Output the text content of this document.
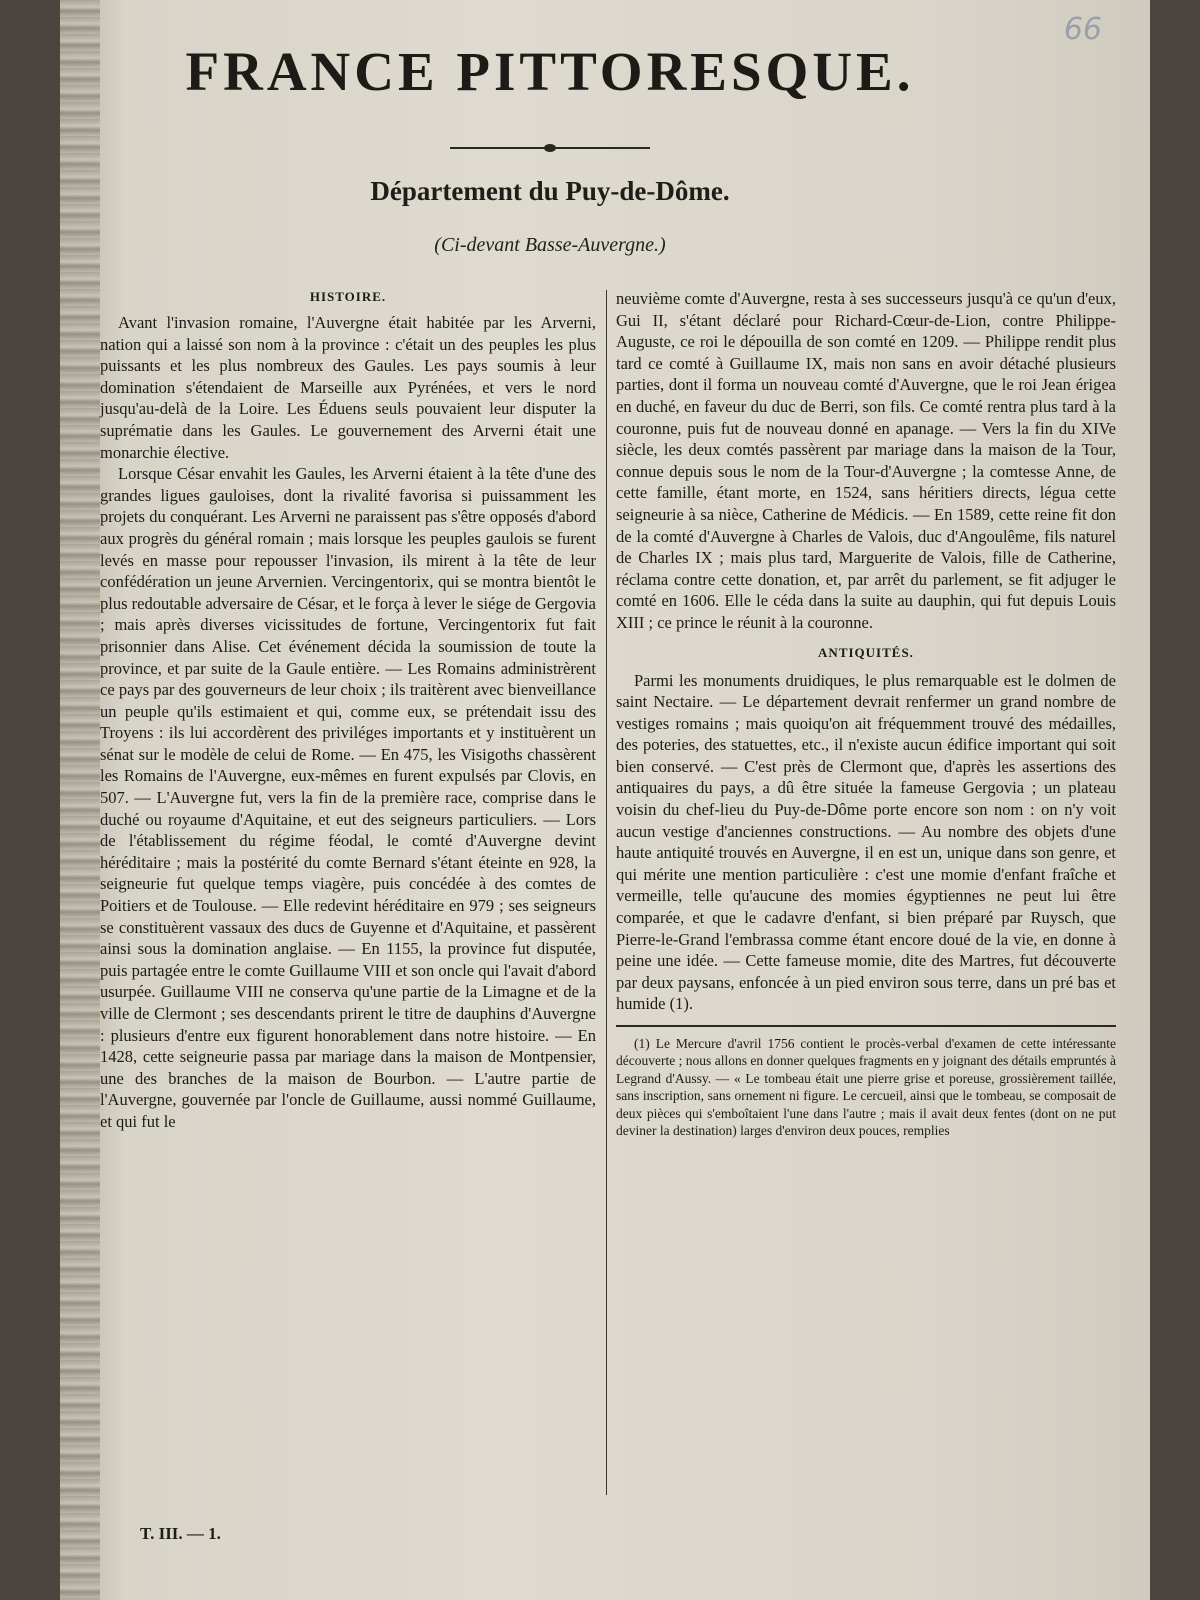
66
FRANCE PITTORESQUE.
Département du Puy-de-Dôme.
(Ci-devant Basse-Auvergne.)
HISTOIRE.

Avant l'invasion romaine, l'Auvergne était habitée par les Arverni, nation qui a laissé son nom à la province : c'était un des peuples les plus puissants et les plus nombreux des Gaules. Les pays soumis à leur domination s'étendaient de Marseille aux Pyrénées, et vers le nord jusqu'au-delà de la Loire. Les Éduens seuls pouvaient leur disputer la suprématie dans les Gaules. Le gouvernement des Arverni était une monarchie élective.

Lorsque César envahit les Gaules, les Arverni étaient à la tête d'une des grandes ligues gauloises, dont la rivalité favorisa si puissamment les projets du conquérant. Les Arverni ne paraissent pas s'être opposés d'abord aux progrès du général romain ; mais lorsque les peuples gaulois se furent levés en masse pour repousser l'invasion, ils mirent à la tête de leur confédération un jeune Arvernien. Vercingentorix, qui se montra bientôt le plus redoutable adversaire de César, et le força à lever le siége de Gergovia ; mais après diverses vicissitudes de fortune, Vercingentorix fut fait prisonnier dans Alise. Cet événement décida la soumission de toute la province, et par suite de la Gaule entière. — Les Romains administrèrent ce pays par des gouverneurs de leur choix ; ils traitèrent avec bienveillance un peuple qu'ils estimaient et qui, comme eux, se prétendait issu des Troyens : ils lui accordèrent des priviléges importants et y instituèrent un sénat sur le modèle de celui de Rome. — En 475, les Visigoths chassèrent les Romains de l'Auvergne, eux-mêmes en furent expulsés par Clovis, en 507. — L'Auvergne fut, vers la fin de la première race, comprise dans le duché ou royaume d'Aquitaine, et eut des seigneurs particuliers. — Lors de l'établissement du régime féodal, le comté d'Auvergne devint héréditaire ; mais la postérité du comte Bernard s'étant éteinte en 928, la seigneurie fut quelque temps viagère, puis concédée à des comtes de Poitiers et de Toulouse. — Elle redevint héréditaire en 979 ; ses seigneurs se constituèrent vassaux des ducs de Guyenne et d'Aquitaine, et passèrent ainsi sous la domination anglaise. — En 1155, la province fut disputée, puis partagée entre le comte Guillaume VIII et son oncle qui l'avait d'abord usurpée. Guillaume VIII ne conserva qu'une partie de la Limagne et de la ville de Clermont ; ses descendants prirent le titre de dauphins d'Auvergne : plusieurs d'entre eux figurent honorablement dans notre histoire. — En 1428, cette seigneurie passa par mariage dans la maison de Montpensier, une des branches de la maison de Bourbon. — L'autre partie de l'Auvergne, gouvernée par l'oncle de Guillaume, aussi nommé Guillaume, et qui fut le

neuvième comte d'Auvergne, resta à ses successeurs jusqu'à ce qu'un d'eux, Gui II, s'étant déclaré pour Richard-Cœur-de-Lion, contre Philippe-Auguste, ce roi le dépouilla de son comté en 1209. — Philippe rendit plus tard ce comté à Guillaume IX, mais non sans en avoir détaché plusieurs parties, dont il forma un nouveau comté d'Auvergne, que le roi Jean érigea en duché, en faveur du duc de Berri, son fils. Ce comté rentra plus tard à la couronne, puis fut de nouveau donné en apanage. — Vers la fin du XIVe siècle, les deux comtés passèrent par mariage dans la maison de la Tour, connue depuis sous le nom de la Tour-d'Auvergne ; la comtesse Anne, de cette famille, étant morte, en 1524, sans héritiers directs, légua cette seigneurie à sa nièce, Catherine de Médicis. — En 1589, cette reine fit don de la comté d'Auvergne à Charles de Valois, duc d'Angoulême, fils naturel de Charles IX ; mais plus tard, Marguerite de Valois, fille de Catherine, réclama contre cette donation, et, par arrêt du parlement, se fit adjuger le comté en 1606. Elle le céda dans la suite au dauphin, qui fut depuis Louis XIII ; ce prince le réunit à la couronne.

ANTIQUITÉS.

Parmi les monuments druidiques, le plus remarquable est le dolmen de saint Nectaire. — Le département devrait renfermer un grand nombre de vestiges romains ; mais quoiqu'on ait fréquemment trouvé des médailles, des poteries, des statuettes, etc., il n'existe aucun édifice important qui soit bien conservé. — C'est près de Clermont que, d'après les assertions des antiquaires du pays, a dû être située la fameuse Gergovia ; un plateau voisin du chef-lieu du Puy-de-Dôme porte encore son nom : on n'y voit aucun vestige d'anciennes constructions. — Au nombre des objets d'une haute antiquité trouvés en Auvergne, il en est un, unique dans son genre, et qui mérite une mention particulière : c'est une momie d'enfant fraîche et vermeille, telle qu'aucune des momies égyptiennes ne peut lui être comparée, et que le cadavre d'enfant, si bien préparé par Ruysch, que Pierre-le-Grand l'embrassa comme étant encore doué de la vie, en donne à peine une idée. — Cette fameuse momie, dite des Martres, fut découverte par deux paysans, enfoncée à un pied environ sous terre, dans un pré bas et humide (1).

(1) Le Mercure d'avril 1756 contient le procès-verbal d'examen de cette intéressante découverte ; nous allons en donner quelques fragments en y joignant des détails empruntés à Legrand d'Aussy. — « Le tombeau était une pierre grise et poreuse, grossièrement taillée, sans inscription, sans ornement ni figure. Le cercueil, ainsi que le tombeau, se composait de deux pièces qui s'emboîtaient l'une dans l'autre ; mais il avait deux fentes (dont on ne put deviner la destination) larges d'environ deux pouces, remplies

T. III. — 1.
